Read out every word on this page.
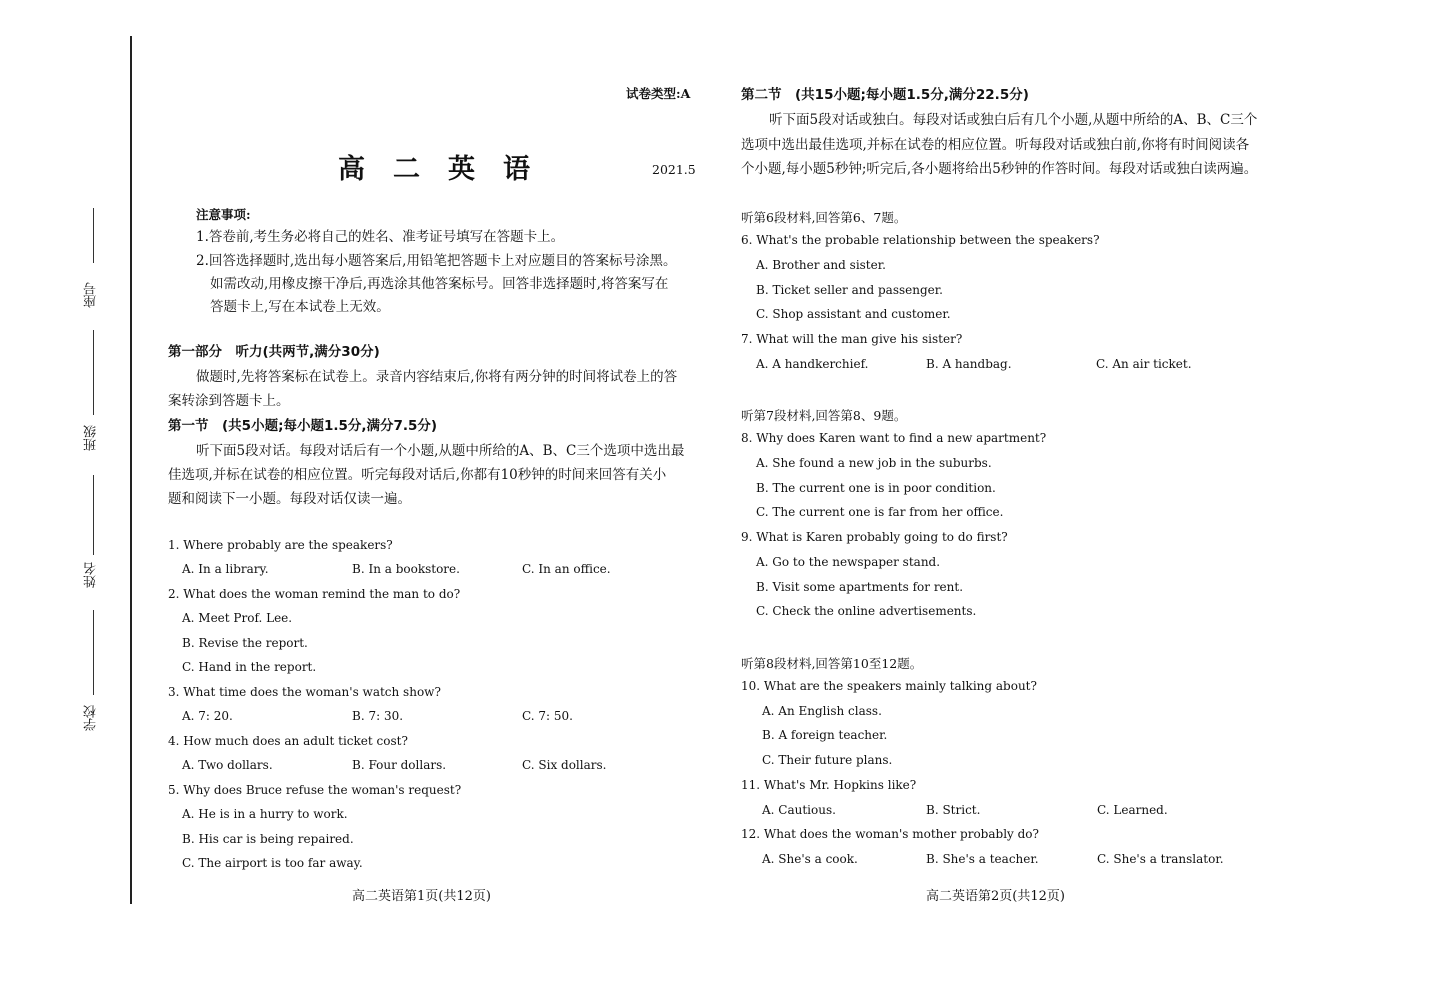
座号
班级
姓名
学校
试卷类型:A
高二英语	2021.5
注意事项:
1.答卷前,考生务必将自己的姓名、准考证号填写在答题卡上。
2.回答选择题时,选出每小题答案后,用铅笔把答题卡上对应题目的答案标号涂黑。
如需改动,用橡皮擦干净后,再选涂其他答案标号。回答非选择题时,将答案写在
答题卡上,写在本试卷上无效。
第一部分　听力(共两节,满分30分)
做题时,先将答案标在试卷上。录音内容结束后,你将有两分钟的时间将试卷上的答
案转涂到答题卡上。
第一节　(共5小题;每小题1.5分,满分7.5分)
听下面5段对话。每段对话后有一个小题,从题中所给的A、B、C三个选项中选出最
佳选项,并标在试卷的相应位置。听完每段对话后,你都有10秒钟的时间来回答有关小
题和阅读下一小题。每段对话仅读一遍。
1. Where probably are the speakers?
A. In a library.	B. In a bookstore.	C. In an office.
2. What does the woman remind the man to do?
A. Meet Prof. Lee.
B. Revise the report.
C. Hand in the report.
3. What time does the woman's watch show?
A. 7: 20.	B. 7: 30.	C. 7: 50.
4. How much does an adult ticket cost?
A. Two dollars.	B. Four dollars.	C. Six dollars.
5. Why does Bruce refuse the woman's request?
A. He is in a hurry to work.
B. His car is being repaired.
C. The airport is too far away.
高二英语第1页(共12页)
第二节　(共15小题;每小题1.5分,满分22.5分)
听下面5段对话或独白。每段对话或独白后有几个小题,从题中所给的A、B、C三个
选项中选出最佳选项,并标在试卷的相应位置。听每段对话或独白前,你将有时间阅读各
个小题,每小题5秒钟;听完后,各小题将给出5秒钟的作答时间。每段对话或独白读两遍。
听第6段材料,回答第6、7题。
6. What's the probable relationship between the speakers?
A. Brother and sister.
B. Ticket seller and passenger.
C. Shop assistant and customer.
7. What will the man give his sister?
A. A handkerchief.	B. A handbag.	C. An air ticket.
听第7段材料,回答第8、9题。
8. Why does Karen want to find a new apartment?
A. She found a new job in the suburbs.
B. The current one is in poor condition.
C. The current one is far from her office.
9. What is Karen probably going to do first?
A. Go to the newspaper stand.
B. Visit some apartments for rent.
C. Check the online advertisements.
听第8段材料,回答第10至12题。
10. What are the speakers mainly talking about?
A. An English class.
B. A foreign teacher.
C. Their future plans.
11. What's Mr. Hopkins like?
A. Cautious.	B. Strict.	C. Learned.
12. What does the woman's mother probably do?
A. She's a cook.	B. She's a teacher.	C. She's a translator.
高二英语第2页(共12页)
